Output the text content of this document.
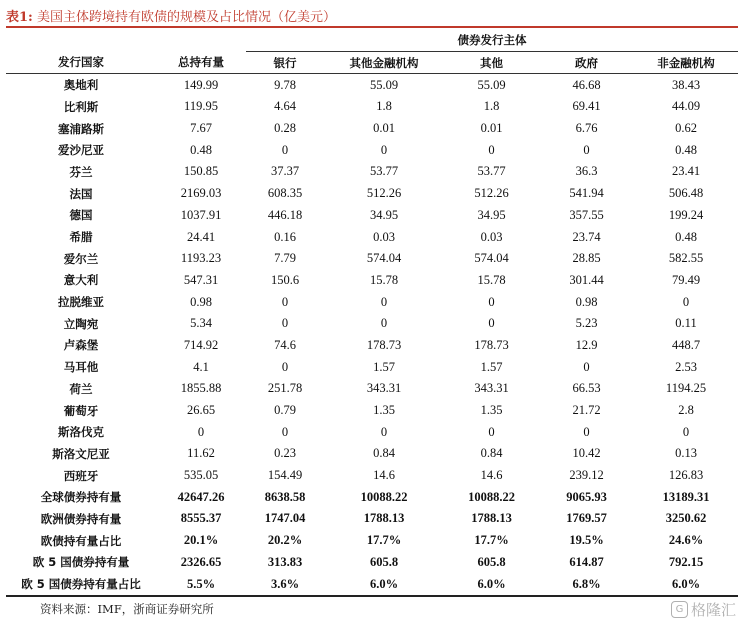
表1: 美国主体跨境持有欧债的规模及占比情况（亿美元）
		债券发行主体				
发行国家	总持有量	银行	其他金融机构	其他	政府	非金融机构
奥地利	149.99	9.78	55.09	55.09	46.68	38.43
比利斯	119.95	4.64	1.8	1.8	69.41	44.09
塞浦路斯	7.67	0.28	0.01	0.01	6.76	0.62
爱沙尼亚	0.48	0	0	0	0	0.48
芬兰	150.85	37.37	53.77	53.77	36.3	23.41
法国	2169.03	608.35	512.26	512.26	541.94	506.48
德国	1037.91	446.18	34.95	34.95	357.55	199.24
希腊	24.41	0.16	0.03	0.03	23.74	0.48
爱尔兰	1193.23	7.79	574.04	574.04	28.85	582.55
意大利	547.31	150.6	15.78	15.78	301.44	79.49
拉脱维亚	0.98	0	0	0	0.98	0
立陶宛	5.34	0	0	0	5.23	0.11
卢森堡	714.92	74.6	178.73	178.73	12.9	448.7
马耳他	4.1	0	1.57	1.57	0	2.53
荷兰	1855.88	251.78	343.31	343.31	66.53	1194.25
葡萄牙	26.65	0.79	1.35	1.35	21.72	2.8
斯洛伐克	0	0	0	0	0	0
斯洛文尼亚	11.62	0.23	0.84	0.84	10.42	0.13
西班牙	535.05	154.49	14.6	14.6	239.12	126.83
全球债券持有量	42647.26	8638.58	10088.22	10088.22	9065.93	13189.31
欧洲债券持有量	8555.37	1747.04	1788.13	1788.13	1769.57	3250.62
欧债持有量占比	20.1%	20.2%	17.7%	17.7%	19.5%	24.6%
欧 5 国债券持有量	2326.65	313.83	605.8	605.8	614.87	792.15
欧 5 国债券持有量占比	5.5%	3.6%	6.0%	6.0%	6.8%	6.0%
资料来源：IMF，浙商证券研究所	G 格隆汇
